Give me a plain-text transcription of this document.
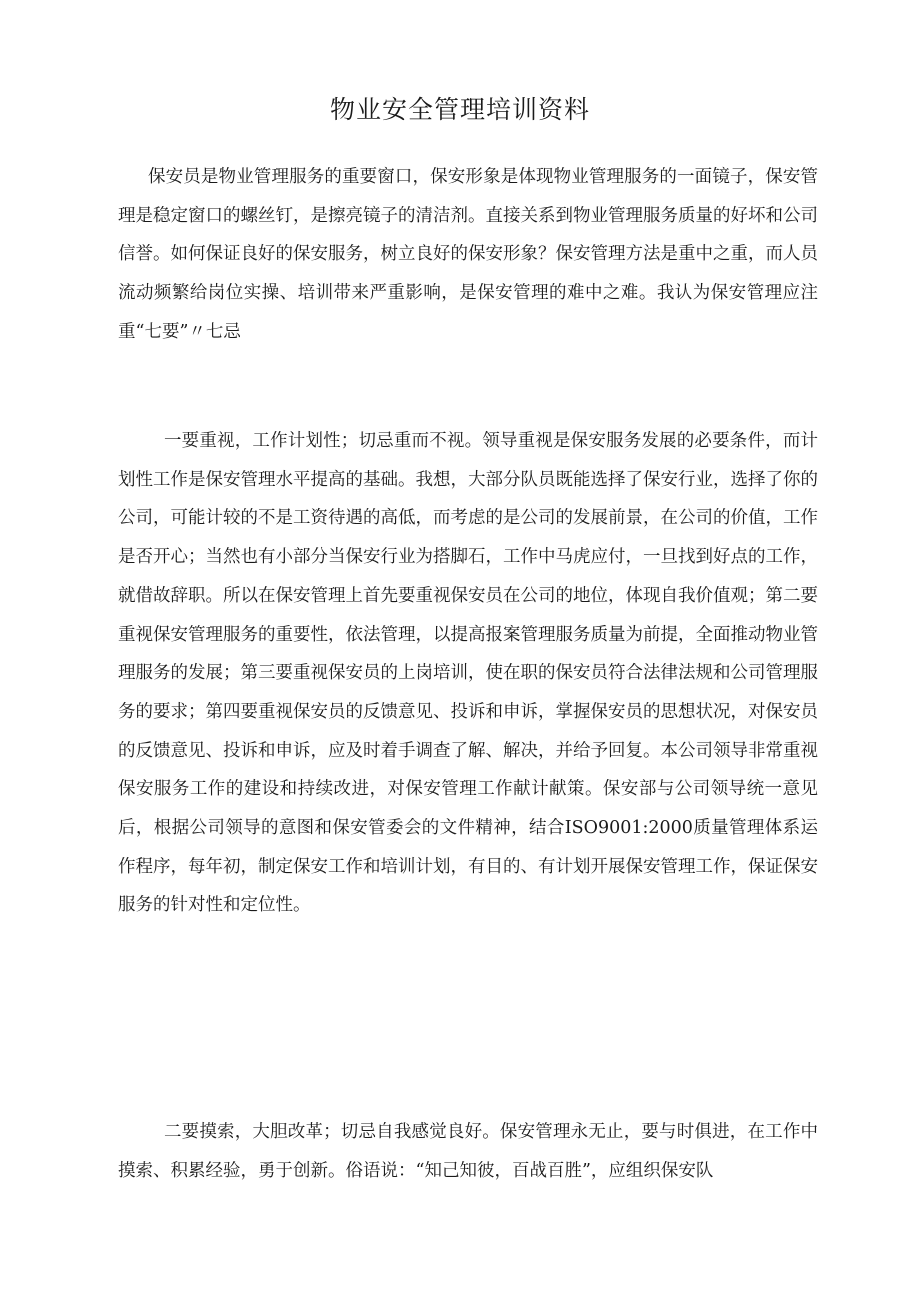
物业安全管理培训资料

保安员是物业管理服务的重要窗口，保安形象是体现物业管理服务的一面镜子，保安管理是稳定窗口的螺丝钉，是擦亮镜子的清洁剂。直接关系到物业管理服务质量的好坏和公司信誉。如何保证良好的保安服务，树立良好的保安形象？保安管理方法是重中之重，而人员流动频繁给岗位实操、培训带来严重影响，是保安管理的难中之难。我认为保安管理应注重“七要”〃七忌

一要重视，工作计划性；切忌重而不视。领导重视是保安服务发展的必要条件，而计划性工作是保安管理水平提高的基础。我想，大部分队员既能选择了保安行业，选择了你的公司，可能计较的不是工资待遇的高低，而考虑的是公司的发展前景，在公司的价值，工作是否开心；当然也有小部分当保安行业为搭脚石，工作中马虎应付，一旦找到好点的工作，就借故辞职。所以在保安管理上首先要重视保安员在公司的地位，体现自我价值观；第二要重视保安管理服务的重要性，依法管理，以提高报案管理服务质量为前提，全面推动物业管理服务的发展；第三要重视保安员的上岗培训，使在职的保安员符合法律法规和公司管理服务的要求；第四要重视保安员的反馈意见、投诉和申诉，掌握保安员的思想状况，对保安员的反馈意见、投诉和申诉，应及时着手调查了解、解决，并给予回复。本公司领导非常重视保安服务工作的建设和持续改进，对保安管理工作献计献策。保安部与公司领导统一意见后，根据公司领导的意图和保安管委会的文件精神，结合ISO9001:2000质量管理体系运作程序，每年初，制定保安工作和培训计划，有目的、有计划开展保安管理工作，保证保安服务的针对性和定位性。

二要摸索，大胆改革；切忌自我感觉良好。保安管理永无止，要与时俱进，在工作中摸索、积累经验，勇于创新。俗语说：“知己知彼，百战百胜”，应组织保安队
